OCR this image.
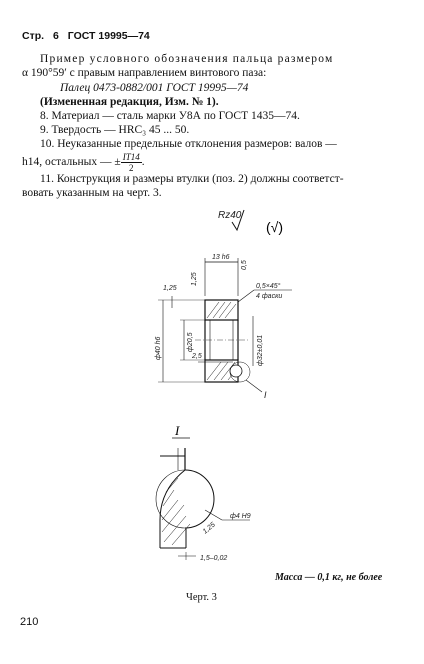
Стр. 6 ГОСТ 19995—74
Пример условного обозначения пальца размером
α 190°59′ с правым направлением винтового паза:
Палец 0473-0882/001 ГОСТ 19995—74
(Измененная редакция, Изм. № 1).
8. Материал — сталь марки У8А по ГОСТ 1435—74.
9. Твердость — HRC₃ 45 ... 50.
10. Неуказанные предельные отклонения размеров: валов —
h14, остальных — ± $\frac{IT14}{2}$ .
11. Конструкция и размеры втулки (поз. 2) должны соответст-
вовать указанным на черт. 3.
Rz40
(√)
13 h6
0,5
1,25
0,5×45°
4 фаски
1,25
ф40 h6	ф20,5	ф32±0,01
2,5
I
I
ф4 Н9
1,25
1,5–0,02
Масса — 0,1 кг, не более
Черт. 3
210
